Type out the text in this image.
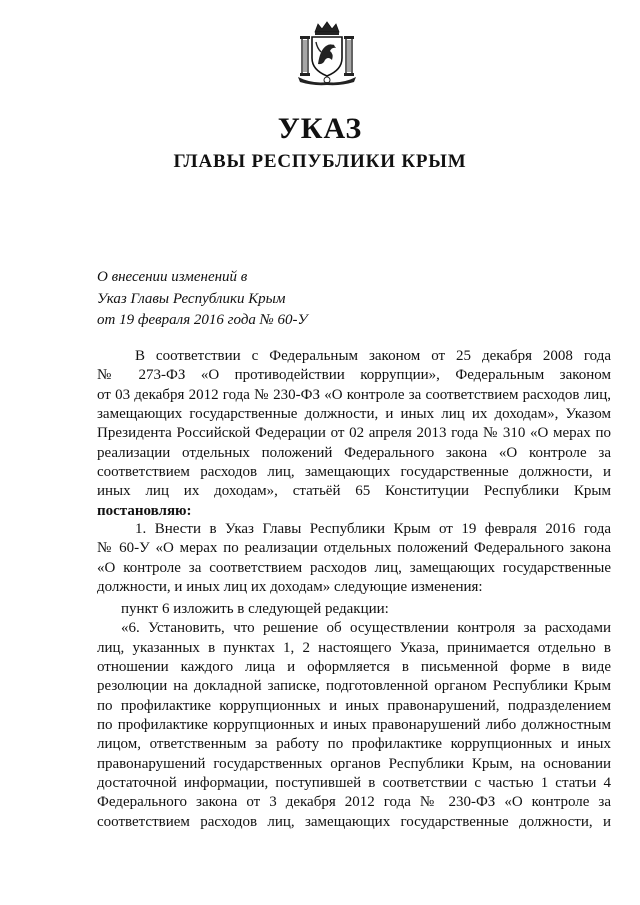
УКАЗ
ГЛАВЫ РЕСПУБЛИКИ КРЫМ
О внесении изменений в
Указ Главы Республики Крым
от 19 февраля 2016 года № 60-У
В соответствии с Федеральным законом от 25 декабря 2008 года
№ 273-ФЗ «О противодействии коррупции», Федеральным законом
от 03 декабря 2012 года № 230-ФЗ «О контроле за соответствием расходов лиц,
замещающих государственные должности, и иных лиц их доходам», Указом
Президента Российской Федерации от 02 апреля 2013 года № 310 «О мерах по
реализации отдельных положений Федерального закона «О контроле за
соответствием расходов лиц, замещающих государственные должности, и
иных лиц их доходам», статьёй 65 Конституции Республики Крым
постановляю:
1. Внести в Указ Главы Республики Крым от 19 февраля 2016 года
№ 60-У «О мерах по реализации отдельных положений Федерального закона
«О контроле за соответствием расходов лиц, замещающих государственные
должности, и иных лиц их доходам» следующие изменения:
пункт 6 изложить в следующей редакции:
«6. Установить, что решение об осуществлении контроля за расходами
лиц, указанных в пунктах 1, 2 настоящего Указа, принимается отдельно в
отношении каждого лица и оформляется в письменной форме в виде
резолюции на докладной записке, подготовленной органом Республики Крым
по профилактике коррупционных и иных правонарушений, подразделением
по профилактике коррупционных и иных правонарушений либо должностным
лицом, ответственным за работу по профилактике коррупционных и иных
правонарушений государственных органов Республики Крым, на основании
достаточной информации, поступившей в соответствии с частью 1 статьи 4
Федерального закона от 3 декабря 2012 года № 230-ФЗ «О контроле за
соответствием расходов лиц, замещающих государственные должности, и
